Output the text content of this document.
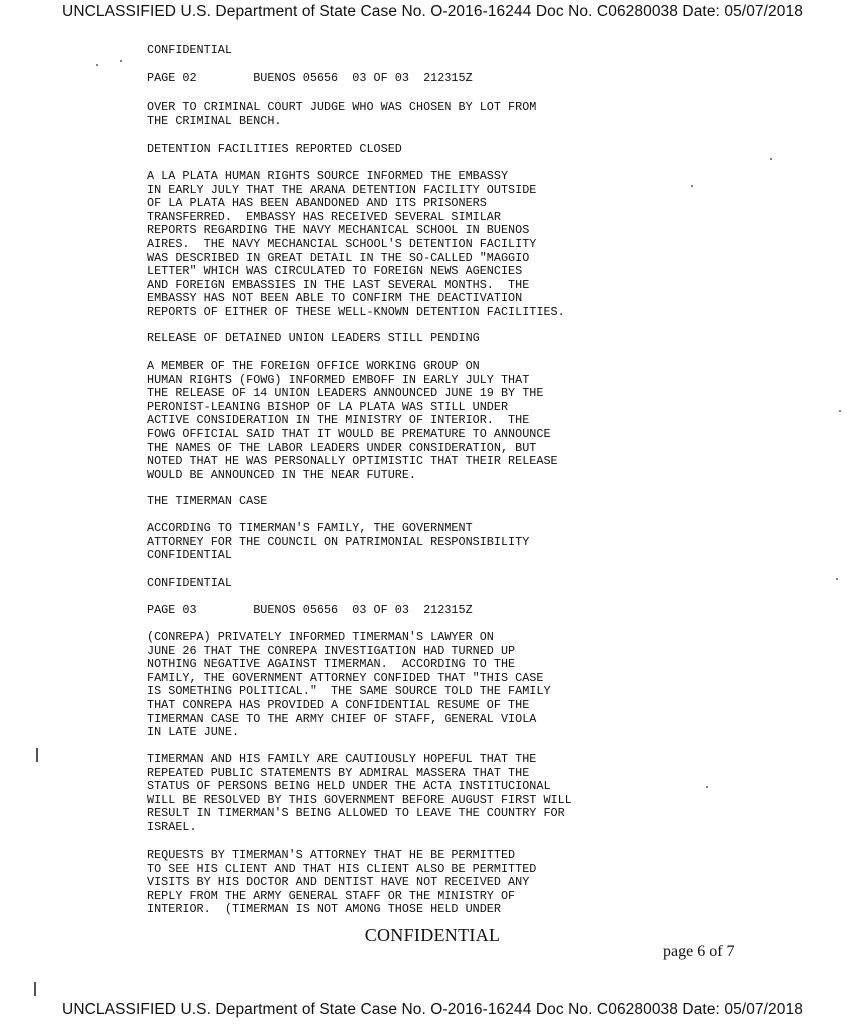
UNCLASSIFIED U.S. Department of State Case No. O-2016-16244 Doc No. C06280038 Date: 05/07/2018
CONFIDENTIAL
PAGE 02        BUENOS 05656  03 OF 03  212315Z
OVER TO CRIMINAL COURT JUDGE WHO WAS CHOSEN BY LOT FROM
THE CRIMINAL BENCH.
DETENTION FACILITIES REPORTED CLOSED
A LA PLATA HUMAN RIGHTS SOURCE INFORMED THE EMBASSY
IN EARLY JULY THAT THE ARANA DETENTION FACILITY OUTSIDE
OF LA PLATA HAS BEEN ABANDONED AND ITS PRISONERS
TRANSFERRED.  EMBASSY HAS RECEIVED SEVERAL SIMILAR
REPORTS REGARDING THE NAVY MECHANICAL SCHOOL IN BUENOS
AIRES.  THE NAVY MECHANCIAL SCHOOL'S DETENTION FACILITY
WAS DESCRIBED IN GREAT DETAIL IN THE SO-CALLED "MAGGIO
LETTER" WHICH WAS CIRCULATED TO FOREIGN NEWS AGENCIES
AND FOREIGN EMBASSIES IN THE LAST SEVERAL MONTHS.  THE
EMBASSY HAS NOT BEEN ABLE TO CONFIRM THE DEACTIVATION
REPORTS OF EITHER OF THESE WELL-KNOWN DETENTION FACILITIES.
RELEASE OF DETAINED UNION LEADERS STILL PENDING
A MEMBER OF THE FOREIGN OFFICE WORKING GROUP ON
HUMAN RIGHTS (FOWG) INFORMED EMBOFF IN EARLY JULY THAT
THE RELEASE OF 14 UNION LEADERS ANNOUNCED JUNE 19 BY THE
PERONIST-LEANING BISHOP OF LA PLATA WAS STILL UNDER
ACTIVE CONSIDERATION IN THE MINISTRY OF INTERIOR.  THE
FOWG OFFICIAL SAID THAT IT WOULD BE PREMATURE TO ANNOUNCE
THE NAMES OF THE LABOR LEADERS UNDER CONSIDERATION, BUT
NOTED THAT HE WAS PERSONALLY OPTIMISTIC THAT THEIR RELEASE
WOULD BE ANNOUNCED IN THE NEAR FUTURE.
THE TIMERMAN CASE
ACCORDING TO TIMERMAN'S FAMILY, THE GOVERNMENT
ATTORNEY FOR THE COUNCIL ON PATRIMONIAL RESPONSIBILITY
CONFIDENTIAL
CONFIDENTIAL
PAGE 03        BUENOS 05656  03 OF 03  212315Z
(CONREPA) PRIVATELY INFORMED TIMERMAN'S LAWYER ON
JUNE 26 THAT THE CONREPA INVESTIGATION HAD TURNED UP
NOTHING NEGATIVE AGAINST TIMERMAN.  ACCORDING TO THE
FAMILY, THE GOVERNMENT ATTORNEY CONFIDED THAT "THIS CASE
IS SOMETHING POLITICAL."  THE SAME SOURCE TOLD THE FAMILY
THAT CONREPA HAS PROVIDED A CONFIDENTIAL RESUME OF THE
TIMERMAN CASE TO THE ARMY CHIEF OF STAFF, GENERAL VIOLA
IN LATE JUNE.
TIMERMAN AND HIS FAMILY ARE CAUTIOUSLY HOPEFUL THAT THE
REPEATED PUBLIC STATEMENTS BY ADMIRAL MASSERA THAT THE
STATUS OF PERSONS BEING HELD UNDER THE ACTA INSTITUCIONAL
WILL BE RESOLVED BY THIS GOVERNMENT BEFORE AUGUST FIRST WILL
RESULT IN TIMERMAN'S BEING ALLOWED TO LEAVE THE COUNTRY FOR
ISRAEL.
REQUESTS BY TIMERMAN'S ATTORNEY THAT HE BE PERMITTED
TO SEE HIS CLIENT AND THAT HIS CLIENT ALSO BE PERMITTED
VISITS BY HIS DOCTOR AND DENTIST HAVE NOT RECEIVED ANY
REPLY FROM THE ARMY GENERAL STAFF OR THE MINISTRY OF
INTERIOR.  (TIMERMAN IS NOT AMONG THOSE HELD UNDER
CONFIDENTIAL
page 6 of 7
UNCLASSIFIED U.S. Department of State Case No. O-2016-16244 Doc No. C06280038 Date: 05/07/2018
